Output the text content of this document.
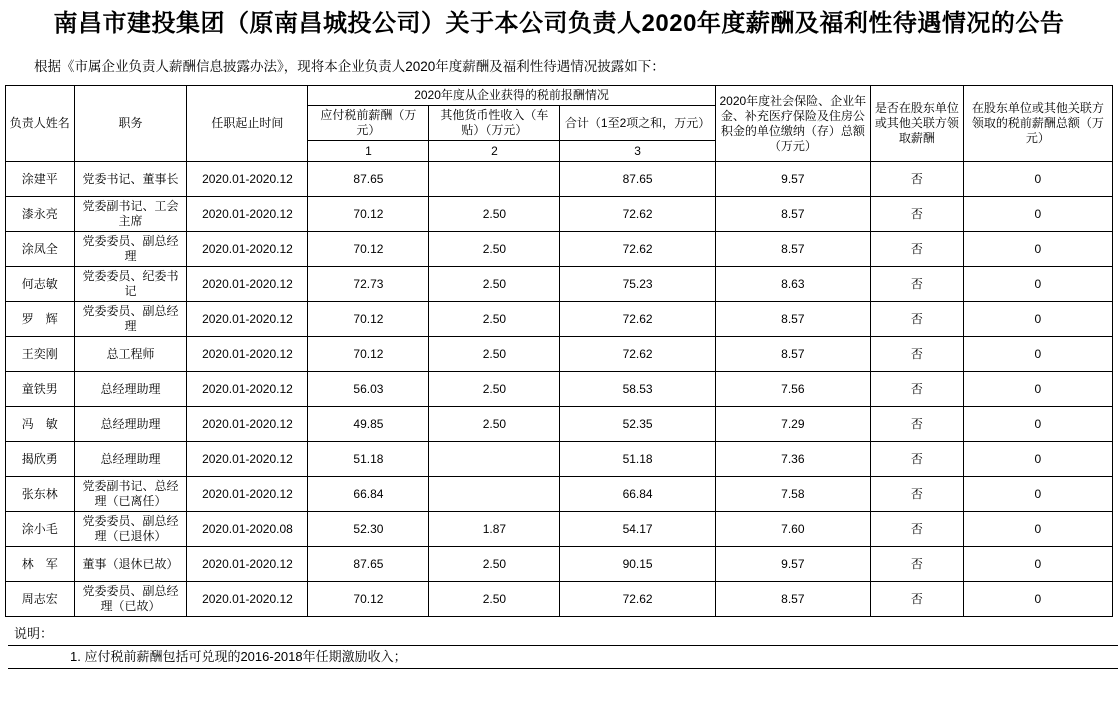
南昌市建投集团（原南昌城投公司）关于本公司负责人2020年度薪酬及福利性待遇情况的公告
根据《市属企业负责人薪酬信息披露办法》，现将本企业负责人2020年度薪酬及福利性待遇情况披露如下：
负责人姓名	职务	任职起止时间	2020年度从企业获得的税前报酬情况			2020年度社会保险、企业年金、补充医疗保险及住房公积金的单位缴纳（存）总额（万元）	是否在股东单位或其他关联方领取薪酬	在股东单位或其他关联方领取的税前薪酬总额（万元）
			应付税前薪酬（万元）	其他货币性收入（车贴）（万元）	合计（1至2项之和，万元）			
			1	2	3			
涂建平	党委书记、董事长	2020.01-2020.12	87.65		87.65	9.57	否	0
漆永亮	党委副书记、工会主席	2020.01-2020.12	70.12	2.50	72.62	8.57	否	0
涂凤全	党委委员、副总经理	2020.01-2020.12	70.12	2.50	72.62	8.57	否	0
何志敏	党委委员、纪委书记	2020.01-2020.12	72.73	2.50	75.23	8.63	否	0
罗　辉	党委委员、副总经理	2020.01-2020.12	70.12	2.50	72.62	8.57	否	0
王奕刚	总工程师	2020.01-2020.12	70.12	2.50	72.62	8.57	否	0
童铁男	总经理助理	2020.01-2020.12	56.03	2.50	58.53	7.56	否	0
冯　敏	总经理助理	2020.01-2020.12	49.85	2.50	52.35	7.29	否	0
揭欣勇	总经理助理	2020.01-2020.12	51.18		51.18	7.36	否	0
张东林	党委副书记、总经理（已离任）	2020.01-2020.12	66.84		66.84	7.58	否	0
涂小毛	党委委员、副总经理（已退休）	2020.01-2020.08	52.30	1.87	54.17	7.60	否	0
林　军	董事（退休已故）	2020.01-2020.12	87.65	2.50	90.15	9.57	否	0
周志宏	党委委员、副总经理（已故）	2020.01-2020.12	70.12	2.50	72.62	8.57	否	0
说明：
1. 应付税前薪酬包括可兑现的2016-2018年任期激励收入；
